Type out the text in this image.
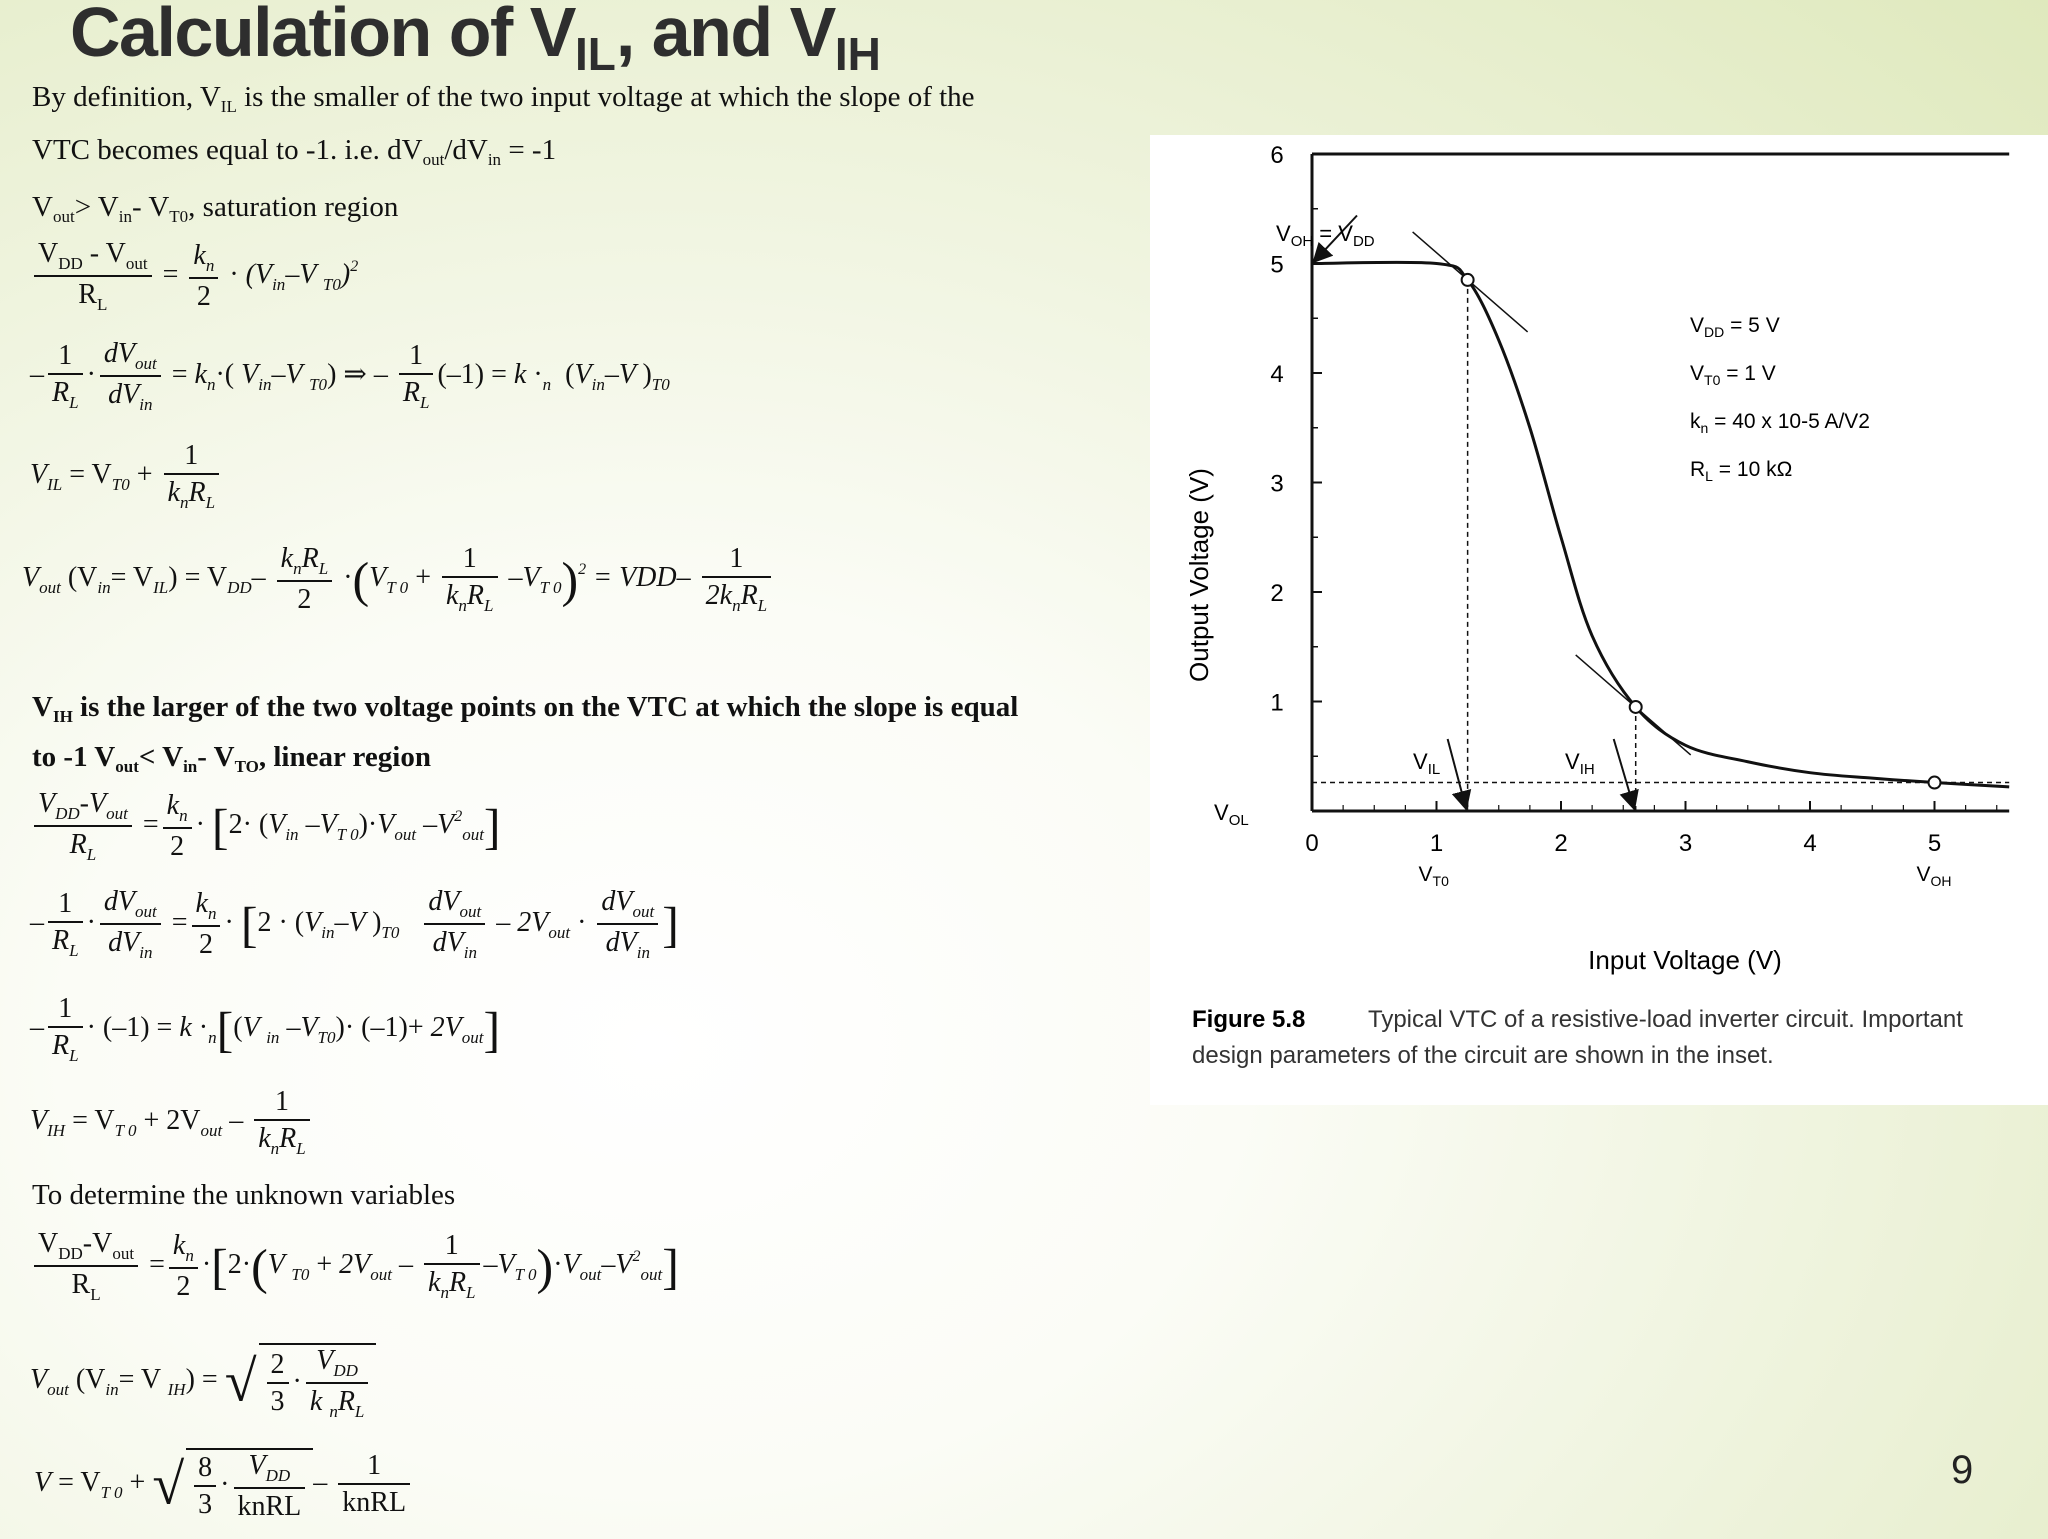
Calculation of $V_{IL}$, and $V_{IH}$
By definition, $V_{IL}$ is the smaller of the two input voltage at which the slope of the
VTC becomes equal to -1. i.e. $dV_{out}/dV_{in} = -1$
$V_{out}> V_{in}-$ $V_{T0}$, saturation region
$\frac{V_{DD} - V_{out}}{R_L} = \frac{k_n}{2} \cdot (V_{in}-V$ $_{T0}$)$^2$
– $\frac{1}{R_L} \cdot \frac{dV_{out}}{dV_{in}} = k_n\cdot$( $V_{in}-V$ $_{T0}$) ⇒ – $\frac{1}{R_L} (-1) = k \cdot_n$ ($V_{in}-V$ )$_{T0}$
$V_{IL} = V_{T0} + \frac{1}{k_nR_L}$
$V_{out}$ $(V_{in}= V_{IL}) = V_{DD}- \frac{k_nR_L}{2} \cdot(V_{T 0} + \frac{1}{k_nR_L} -V_{T 0})^2 = VDD- \frac{1}{2k_nR_L}$
$V_{IH}$ is the larger of the two voltage points on the VTC at which the slope is equal
to -1 $V_{out}< V_{in}-$ $V_{TO}$, linear region
$\frac{V_{DD}-V_{out}}{R_L} = \frac{k_n}{2} \cdot [2\cdot (V_{in}$ $-V_{T 0})\cdot V_{out}$ $-V^2_{out}$]
– $\frac{1}{R_L} \cdot \frac{dV_{out}}{dV_{in}} = \frac{k_n}{2} \cdot [2 \cdot (V_{in}-V$ )$_{T0} \frac{dV_{out}}{dV_{in}} - 2V_{out} \cdot \frac{dV_{out}}{dV_{in}}$ ]
– $\frac{1}{R_L} \cdot (-1) = k \cdot_n[(V$ $_{in}$ $-V_{T0})\cdot (-1)+ 2V_{out}$]
$V_{IH} = V_{T 0} + 2V_{out} - \frac{1}{k_nR_L}$
To determine the unknown variables
$\frac{V_{DD}-V_{out}}{R_L} = \frac{k_n}{2} \cdot[2\cdot(V$ $_{T0} + 2V_{out} - \frac{1}{k_nR_L} -V_{T 0})\cdot V_{out}-V^2_{out}$]
$V_{out}$ ($V_{in}= V$ $_{IH}$) = √ $\frac{2}{3} \cdot \frac{V_{DD}}{k _nR_L}$
$V = V_{T 0}$ + √ $\frac{8}{3} \cdot \frac{V_{DD}}{\text{knRL}} - \frac{1}{\text{knRL}}$
6
5
4
3
2
1
0	1	2	3	4	5
$V_{T0}$	$V_{OH}$
Output Voltage (V)
Input Voltage (V)
$V_{OH} = V_{DD}$
$V_{OL}$
$V_{IL}$	$V_{IH}$
$V_{DD} = 5$ V
$V_{T0} = 1$ V
$k_n = 40$ x 10-5 A/V2
$R_L = 10$ kΩ
Figure 5.8	Typical VTC of a resistive-load inverter circuit. Important
design parameters of the circuit are shown in the inset.
9
